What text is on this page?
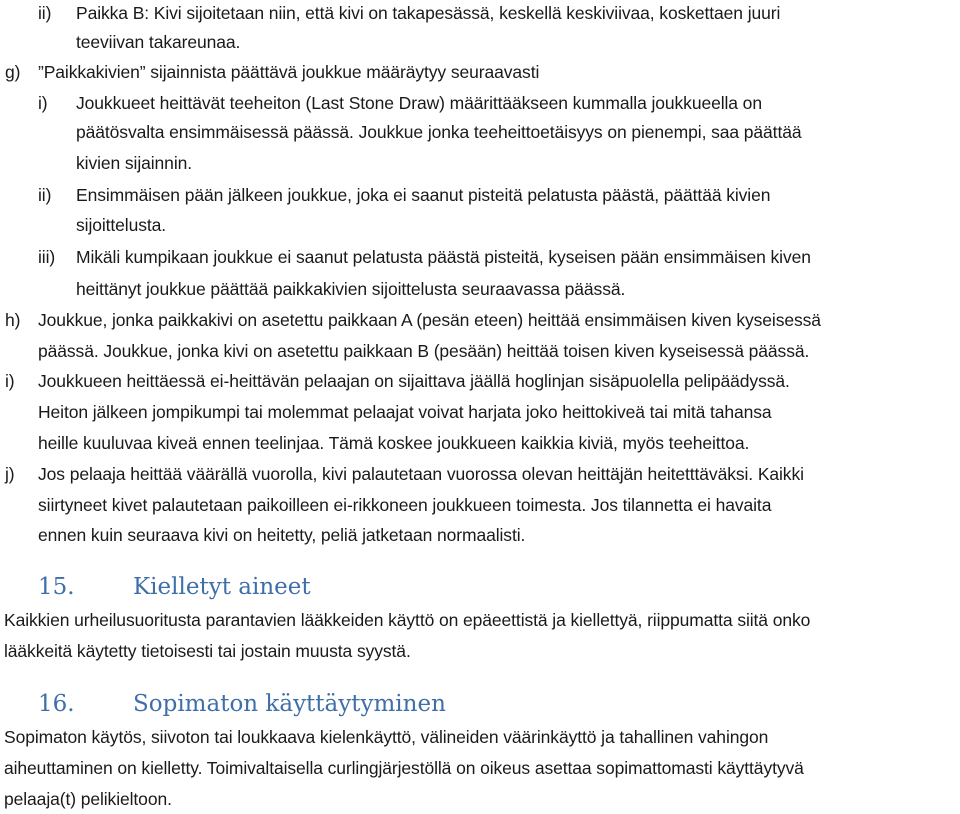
ii) Paikka B: Kivi sijoitetaan niin, että kivi on takapesässä, keskellä keskiviivaa, koskettaen juuri
teeviivan takareunaa.
g) ”Paikkakivien” sijainnista päättävä joukkue määräytyy seuraavasti
i) Joukkueet heittävät teeheiton (Last Stone Draw) määrittääkseen kummalla joukkueella on
päätösvalta ensimmäisessä päässä. Joukkue jonka teeheittoetäisyys on pienempi, saa päättää
kivien sijainnin.
ii) Ensimmäisen pään jälkeen joukkue, joka ei saanut pisteitä pelatusta päästä, päättää kivien
sijoittelusta.
iii) Mikäli kumpikaan joukkue ei saanut pelatusta päästä pisteitä, kyseisen pään ensimmäisen kiven
heittänyt joukkue päättää paikkakivien sijoittelusta seuraavassa päässä.
h) Joukkue, jonka paikkakivi on asetettu paikkaan A (pesän eteen) heittää ensimmäisen kiven kyseisessä
päässä. Joukkue, jonka kivi on asetettu paikkaan B (pesään) heittää toisen kiven kyseisessä päässä.
i) Joukkueen heittäessä ei-heittävän pelaajan on sijaittava jäällä hoglinjan sisäpuolella pelipäädyssä.
Heiton jälkeen jompikumpi tai molemmat pelaajat voivat harjata joko heittokiveä tai mitä tahansa
heille kuuluvaa kiveä ennen teelinjaa. Tämä koskee joukkueen kaikkia kiviä, myös teeheittoa.
j) Jos pelaaja heittää väärällä vuorolla, kivi palautetaan vuorossa olevan heittäjän heitetttäväksi. Kaikki
siirtyneet kivet palautetaan paikoilleen ei-rikkoneen joukkueen toimesta. Jos tilannetta ei havaita
ennen kuin seuraava kivi on heitetty, peliä jatketaan normaalisti.
15.	Kielletyt aineet
Kaikkien urheilusuoritusta parantavien lääkkeiden käyttö on epäeettistä ja kiellettyä, riippumatta siitä onko
lääkkeitä käytetty tietoisesti tai jostain muusta syystä.
16.	Sopimaton käyttäytyminen
Sopimaton käytös, siivoton tai loukkaava kielenkäyttö, välineiden väärinkäyttö ja tahallinen vahingon
aiheuttaminen on kielletty. Toimivaltaisella curlingjärjestöllä on oikeus asettaa sopimattomasti käyttäytyvä
pelaaja(t) pelikieltoon.
